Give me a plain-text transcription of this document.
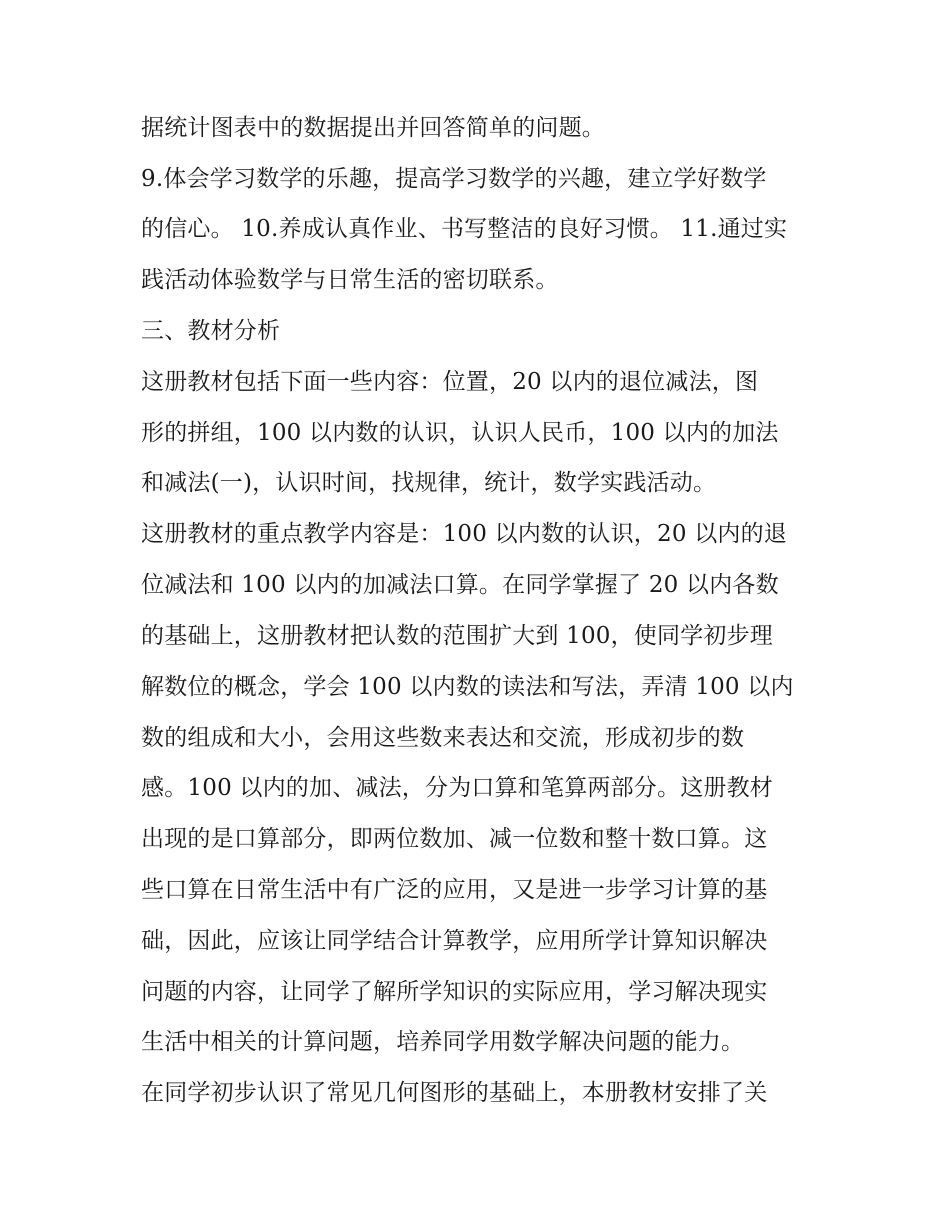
据统计图表中的数据提出并回答简单的问题。
9.体会学习数学的乐趣，提高学习数学的兴趣，建立学好数学
的信心。 10.养成认真作业、书写整洁的良好习惯。 11.通过实
践活动体验数学与日常生活的密切联系。
三、教材分析
这册教材包括下面一些内容：位置，20 以内的退位减法，图
形的拼组，100 以内数的认识，认识人民币，100 以内的加法
和减法(一)，认识时间，找规律，统计，数学实践活动。
这册教材的重点教学内容是：100 以内数的认识，20 以内的退
位减法和 100 以内的加减法口算。在同学掌握了 20 以内各数
的基础上，这册教材把认数的范围扩大到 100，使同学初步理
解数位的概念，学会 100 以内数的读法和写法，弄清 100 以内
数的组成和大小，会用这些数来表达和交流，形成初步的数
感。100 以内的加、减法，分为口算和笔算两部分。这册教材
出现的是口算部分，即两位数加、减一位数和整十数口算。这
些口算在日常生活中有广泛的应用，又是进一步学习计算的基
础，因此，应该让同学结合计算教学，应用所学计算知识解决
问题的内容，让同学了解所学知识的实际应用，学习解决现实
生活中相关的计算问题，培养同学用数学解决问题的能力。
在同学初步认识了常见几何图形的基础上，本册教材安排了关
